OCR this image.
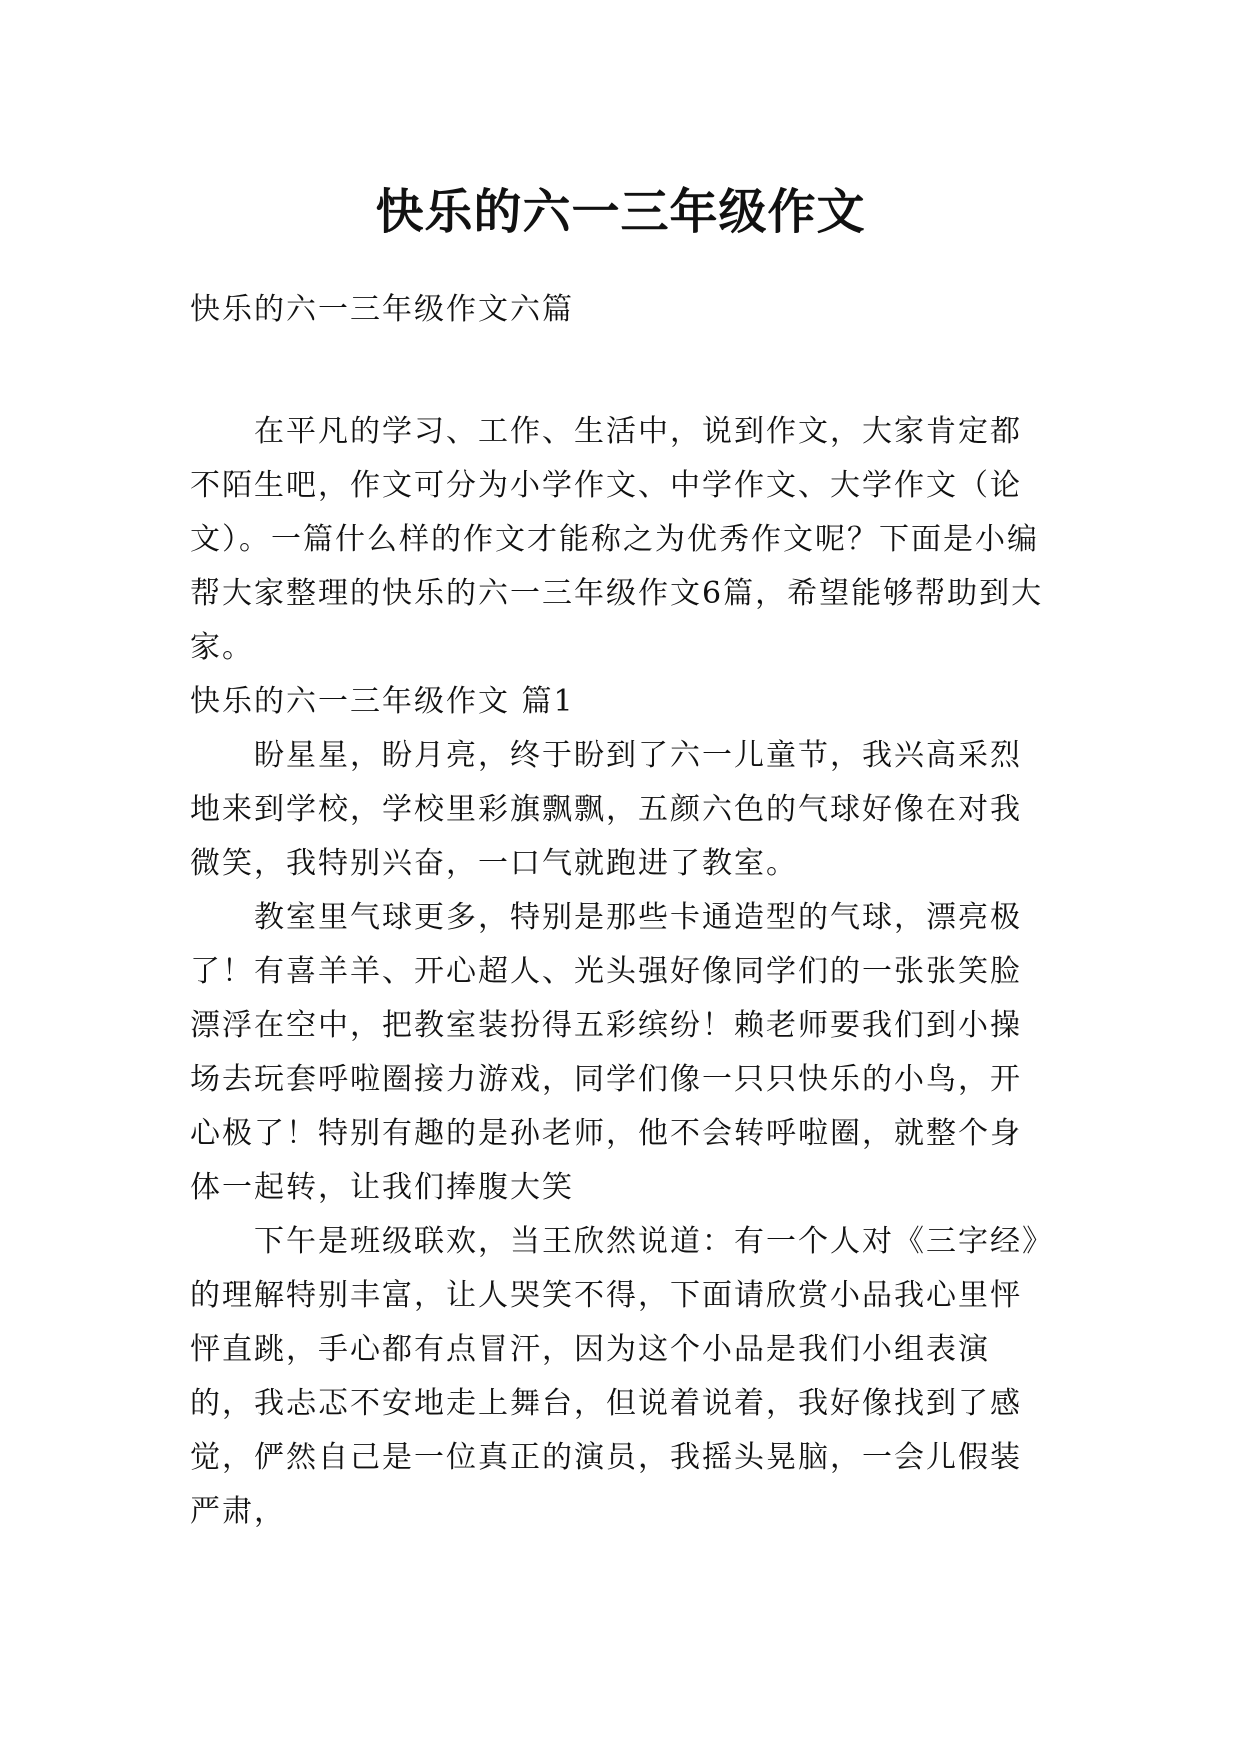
快乐的六一三年级作文
快乐的六一三年级作文六篇

在平凡的学习、工作、生活中，说到作文，大家肯定都不陌生吧，作文可分为小学作文、中学作文、大学作文（论文）。一篇什么样的作文才能称之为优秀作文呢？下面是小编帮大家整理的快乐的六一三年级作文6篇，希望能够帮助到大家。

快乐的六一三年级作文 篇1

盼星星，盼月亮，终于盼到了六一儿童节，我兴高采烈地来到学校，学校里彩旗飘飘，五颜六色的气球好像在对我微笑，我特别兴奋，一口气就跑进了教室。

教室里气球更多，特别是那些卡通造型的气球，漂亮极了！有喜羊羊、开心超人、光头强好像同学们的一张张笑脸漂浮在空中，把教室装扮得五彩缤纷！赖老师要我们到小操场去玩套呼啦圈接力游戏，同学们像一只只快乐的小鸟，开心极了！特别有趣的是孙老师，他不会转呼啦圈，就整个身体一起转，让我们捧腹大笑

下午是班级联欢，当王欣然说道：有一个人对《三字经》的理解特别丰富，让人哭笑不得，下面请欣赏小品我心里怦怦直跳，手心都有点冒汗，因为这个小品是我们小组表演的，我忐忑不安地走上舞台，但说着说着，我好像找到了感觉，俨然自己是一位真正的演员，我摇头晃脑，一会儿假装严肃，
